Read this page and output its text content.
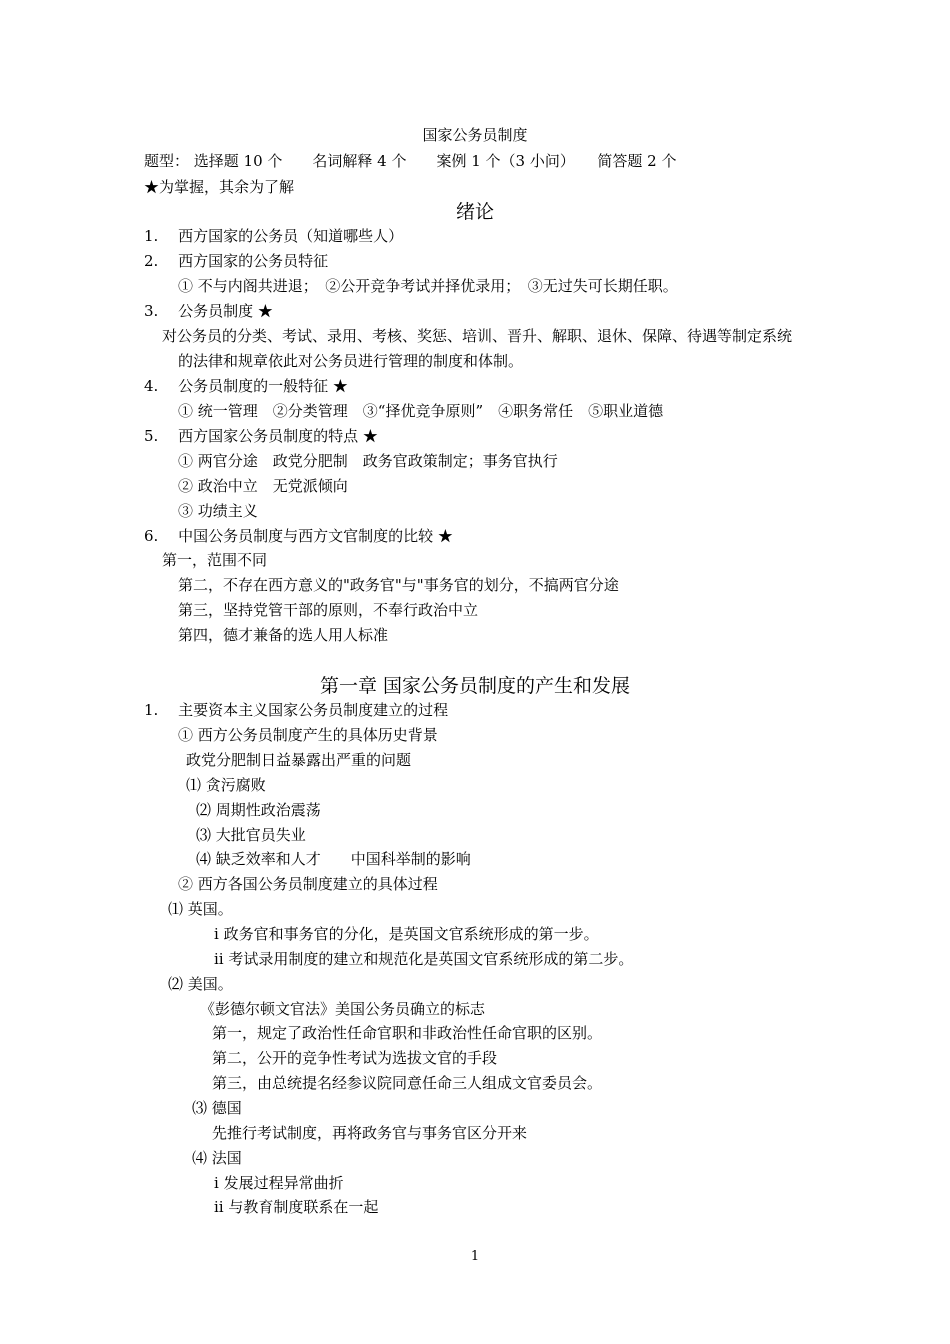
国家公务员制度
题型： 选择题 10 个　　名词解释 4 个　　案例 1 个（3 小问）　　简答题 2 个
★为掌握，其余为了解
绪论
1.　 西方国家的公务员（知道哪些人）
2.　 西方国家的公务员特征
① 不与内阁共进退；　②公开竞争考试并择优录用；　③无过失可长期任职。
3.　 公务员制度 ★
对公务员的分类、考试、录用、考核、奖惩、培训、晋升、解职、退休、保障、待遇等制定系统
的法律和规章依此对公务员进行管理的制度和体制。
4.　 公务员制度的一般特征 ★
① 统一管理　②分类管理　③“择优竞争原则”　④职务常任　⑤职业道德
5.　 西方国家公务员制度的特点 ★
① 两官分途　政党分肥制　政务官政策制定；事务官执行
② 政治中立　无党派倾向
③ 功绩主义
6.　 中国公务员制度与西方文官制度的比较 ★
第一，范围不同
第二，不存在西方意义的"政务官"与"事务官的划分，不搞两官分途
第三，坚持党管干部的原则，不奉行政治中立
第四，德才兼备的选人用人标准
第一章 国家公务员制度的产生和发展
1.　 主要资本主义国家公务员制度建立的过程
① 西方公务员制度产生的具体历史背景
政党分肥制日益暴露出严重的问题
⑴ 贪污腐败
⑵ 周期性政治震荡
⑶ 大批官员失业
⑷ 缺乏效率和人才　　中国科举制的影响
② 西方各国公务员制度建立的具体过程
⑴ 英国。
ⅰ 政务官和事务官的分化，是英国文官系统形成的第一步。
ⅱ 考试录用制度的建立和规范化是英国文官系统形成的第二步。
⑵ 美国。
《彭德尔顿文官法》美国公务员确立的标志
第一，规定了政治性任命官职和非政治性任命官职的区别。
第二，公开的竞争性考试为选拔文官的手段
第三，由总统提名经参议院同意任命三人组成文官委员会。
⑶ 德国
先推行考试制度，再将政务官与事务官区分开来
⑷ 法国
ⅰ 发展过程异常曲折
ⅱ 与教育制度联系在一起
1
